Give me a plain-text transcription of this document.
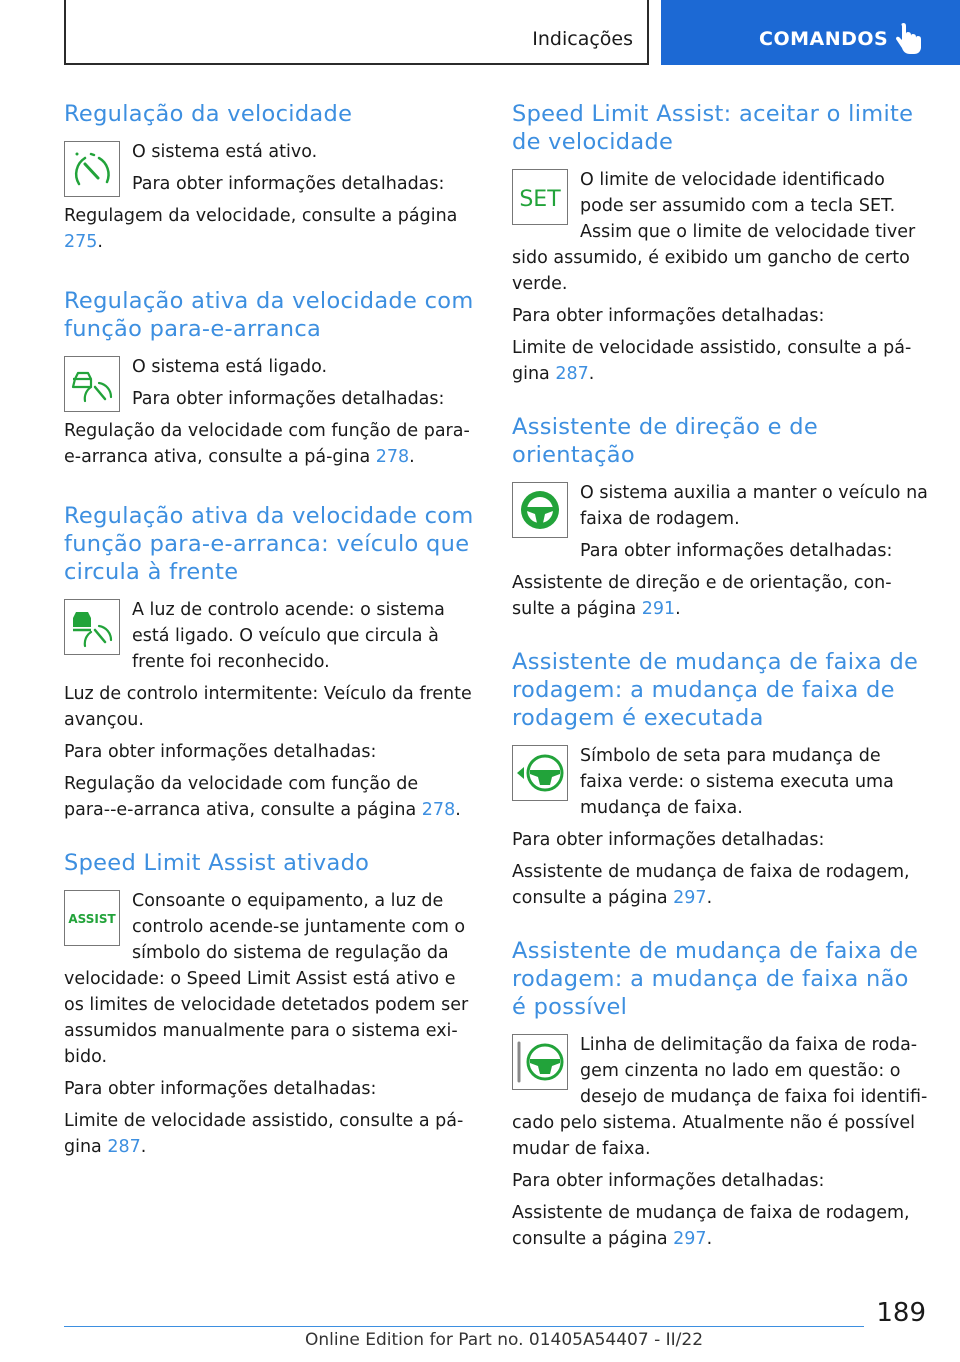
Indicações	COMANDOS
Regulação da velocidade

O sistema está ativo.

Para obter informações detalhadas:

Regulagem da velocidade, consulte a página 275.

Regulação ativa da velocidade com função para-e-arranca

O sistema está ligado.

Para obter informações detalhadas:

Regulação da velocidade com função de para-e-arranca ativa, consulte a pá‐gina 278.

Regulação ativa da velocidade com função para-e-arranca: veículo que circula à frente

A luz de controlo acende: o sistema está ligado. O veículo que circula à frente foi reconhecido.

Luz de controlo intermitente: Veículo da frente avançou.

Para obter informações detalhadas:

Regulação da velocidade com função de para‐-e-arranca ativa, consulte a página 278.

Speed Limit Assist ativado
ASSIST

Consoante o equipamento, a luz de controlo acende-se juntamente com o símbolo do sistema de regulação da velocidade: o Speed Limit Assist está ativo e os limites de velocidade detetados podem ser assumidos manualmente para o sistema exi‐bido.

Para obter informações detalhadas:

Limite de velocidade assistido, consulte a pá‐gina 287.

Speed Limit Assist: aceitar o limite de velocidade
SET

O limite de velocidade identificado pode ser assumido com a tecla SET. Assim que o limite de velocidade tiver sido assumido, é exibido um gancho de certo verde.

Para obter informações detalhadas:

Limite de velocidade assistido, consulte a pá‐gina 287.

Assistente de direção e de orientação

O sistema auxilia a manter o veículo na faixa de rodagem.

Para obter informações detalhadas:

Assistente de direção e de orientação, con‐sulte a página 291.

Assistente de mudança de faixa de rodagem: a mudança de faixa de rodagem é executada

Símbolo de seta para mudança de faixa verde: o sistema executa uma mudança de faixa.

Para obter informações detalhadas:

Assistente de mudança de faixa de rodagem, consulte a página 297.

Assistente de mudança de faixa de rodagem: a mudança de faixa não é possível

Linha de delimitação da faixa de roda‐gem cinzenta no lado em questão: o desejo de mudança de faixa foi identifi‐cado pelo sistema. Atualmente não é possível mudar de faixa.

Para obter informações detalhadas:

Assistente de mudança de faixa de rodagem, consulte a página 297.

189
Online Edition for Part no. 01405A54407 - II/22
